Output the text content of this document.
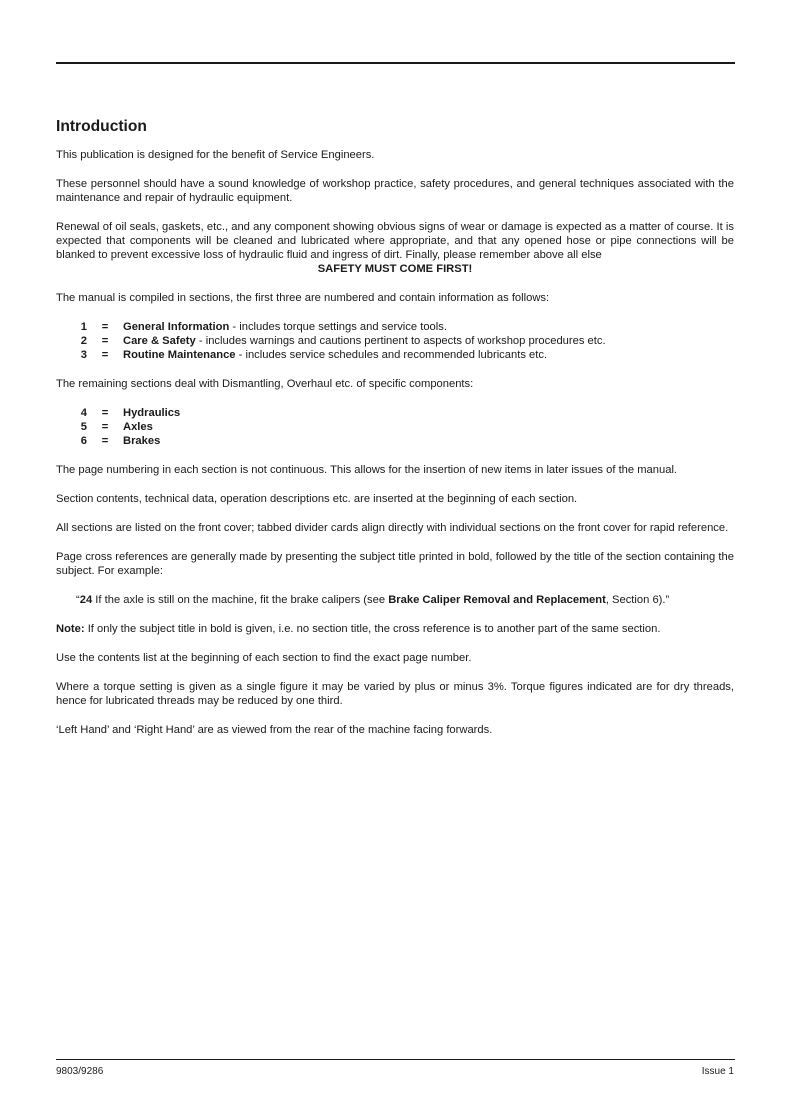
Introduction

This publication is designed for the benefit of Service Engineers.

These personnel should have a sound knowledge of workshop practice, safety procedures, and general techniques associated with the maintenance and repair of hydraulic equipment.

Renewal of oil seals, gaskets, etc., and any component showing obvious signs of wear or damage is expected as a matter of course. It is expected that components will be cleaned and lubricated where appropriate, and that any opened hose or pipe connections will be blanked to prevent excessive loss of hydraulic fluid and ingress of dirt. Finally, please remember above all else

SAFETY MUST COME FIRST!

The manual is compiled in sections, the first three are numbered and contain information as follows:

1	=	General Information - includes torque settings and service tools.
2	=	Care & Safety - includes warnings and cautions pertinent to aspects of workshop procedures etc.
3	=	Routine Maintenance - includes service schedules and recommended lubricants etc.

The remaining sections deal with Dismantling, Overhaul etc. of specific components:

4	=	Hydraulics
5	=	Axles
6	=	Brakes

The page numbering in each section is not continuous. This allows for the insertion of new items in later issues of the manual.

Section contents, technical data, operation descriptions etc. are inserted at the beginning of each section.

All sections are listed on the front cover; tabbed divider cards align directly with individual sections on the front cover for rapid reference.

Page cross references are generally made by presenting the subject title printed in bold, followed by the title of the section containing the subject. For example:

“24 If the axle is still on the machine, fit the brake calipers (see Brake Caliper Removal and Replacement, Section 6).”

Note: If only the subject title in bold is given, i.e. no section title, the cross reference is to another part of the same section.

Use the contents list at the beginning of each section to find the exact page number.

Where a torque setting is given as a single figure it may be varied by plus or minus 3%. Torque figures indicated are for dry threads, hence for lubricated threads may be reduced by one third.

‘Left Hand’ and ‘Right Hand’ are as viewed from the rear of the machine facing forwards.

9803/9286	Issue 1
